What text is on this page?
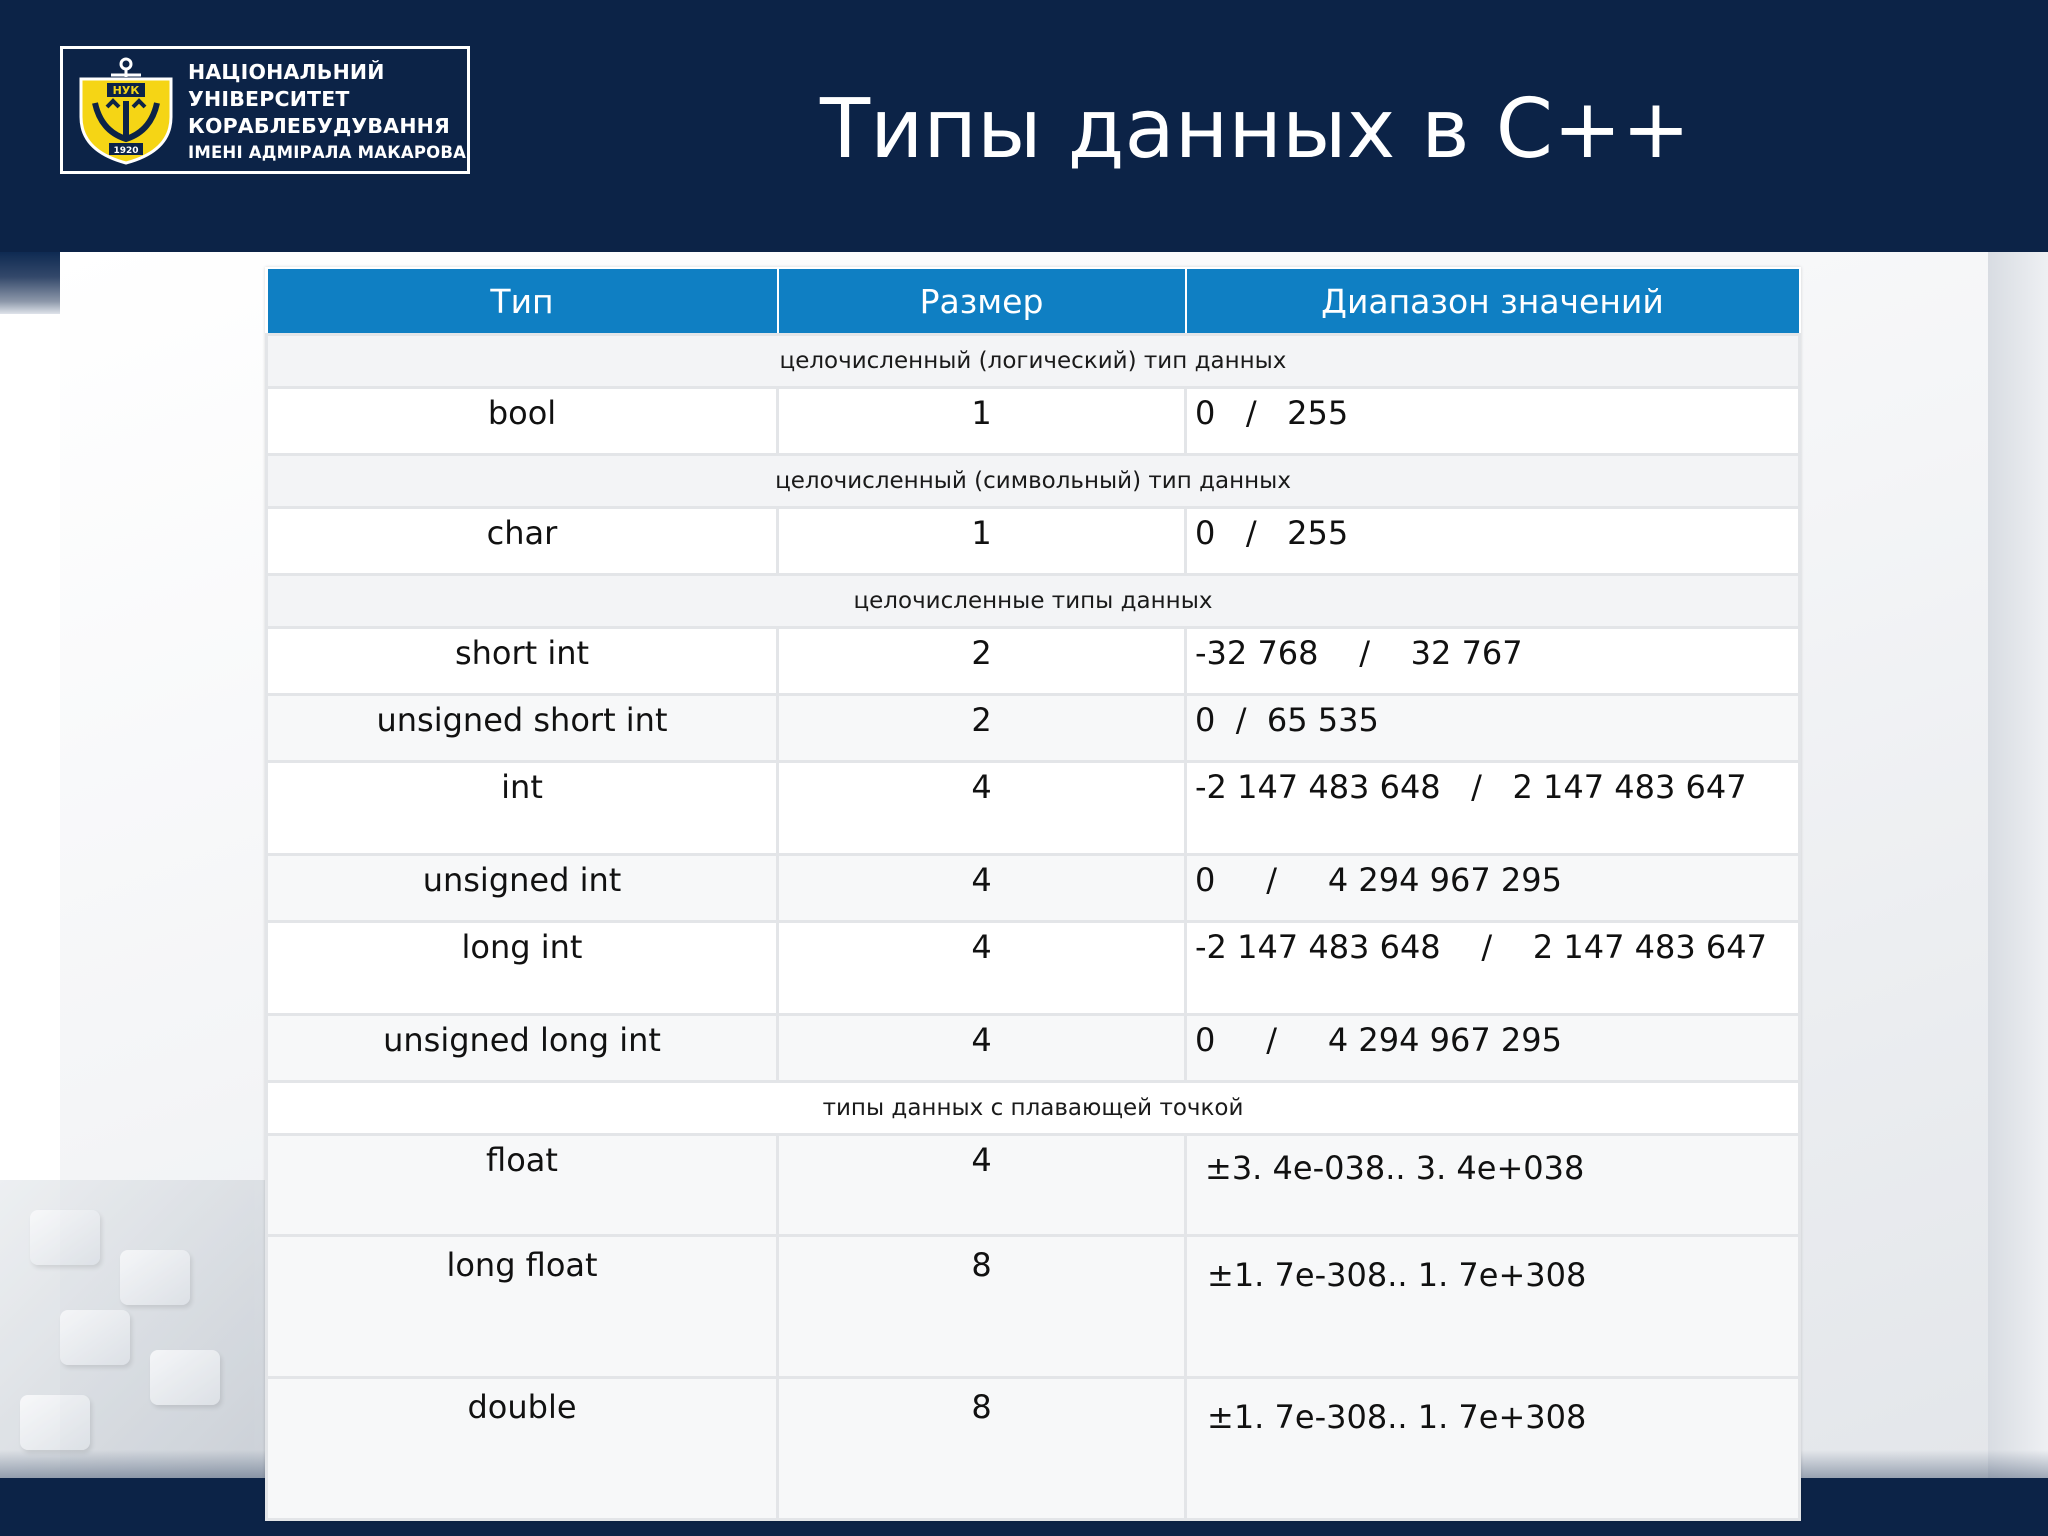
НУК
1920
НАЦІОНАЛЬНИЙ
УНІВЕРСИТЕТ
КОРАБЛЕБУДУВАННЯ
ІМЕНІ АДМІРАЛА МАКАРОВА	Типы данных в С++
Тип	Размер	Диапазон значений
целочисленный (логический) тип данных		
bool	1	0   /   255
целочисленный (символьный) тип данных		
char	1	0   /   255
целочисленные типы данных		
short int	2	-32 768    /    32 767
unsigned short int	2	0  /  65 535
int	4	-2 147 483 648   /   2 147 483 647
unsigned int	4	0     /     4 294 967 295
long int	4	-2 147 483 648    /    2 147 483 647
unsigned long int	4	0     /     4 294 967 295
типы данных с плавающей точкой		
float	4	±3. 4e-038.. 3. 4e+038
long float	8	±1. 7e-308.. 1. 7e+308
double	8	±1. 7e-308.. 1. 7e+308
